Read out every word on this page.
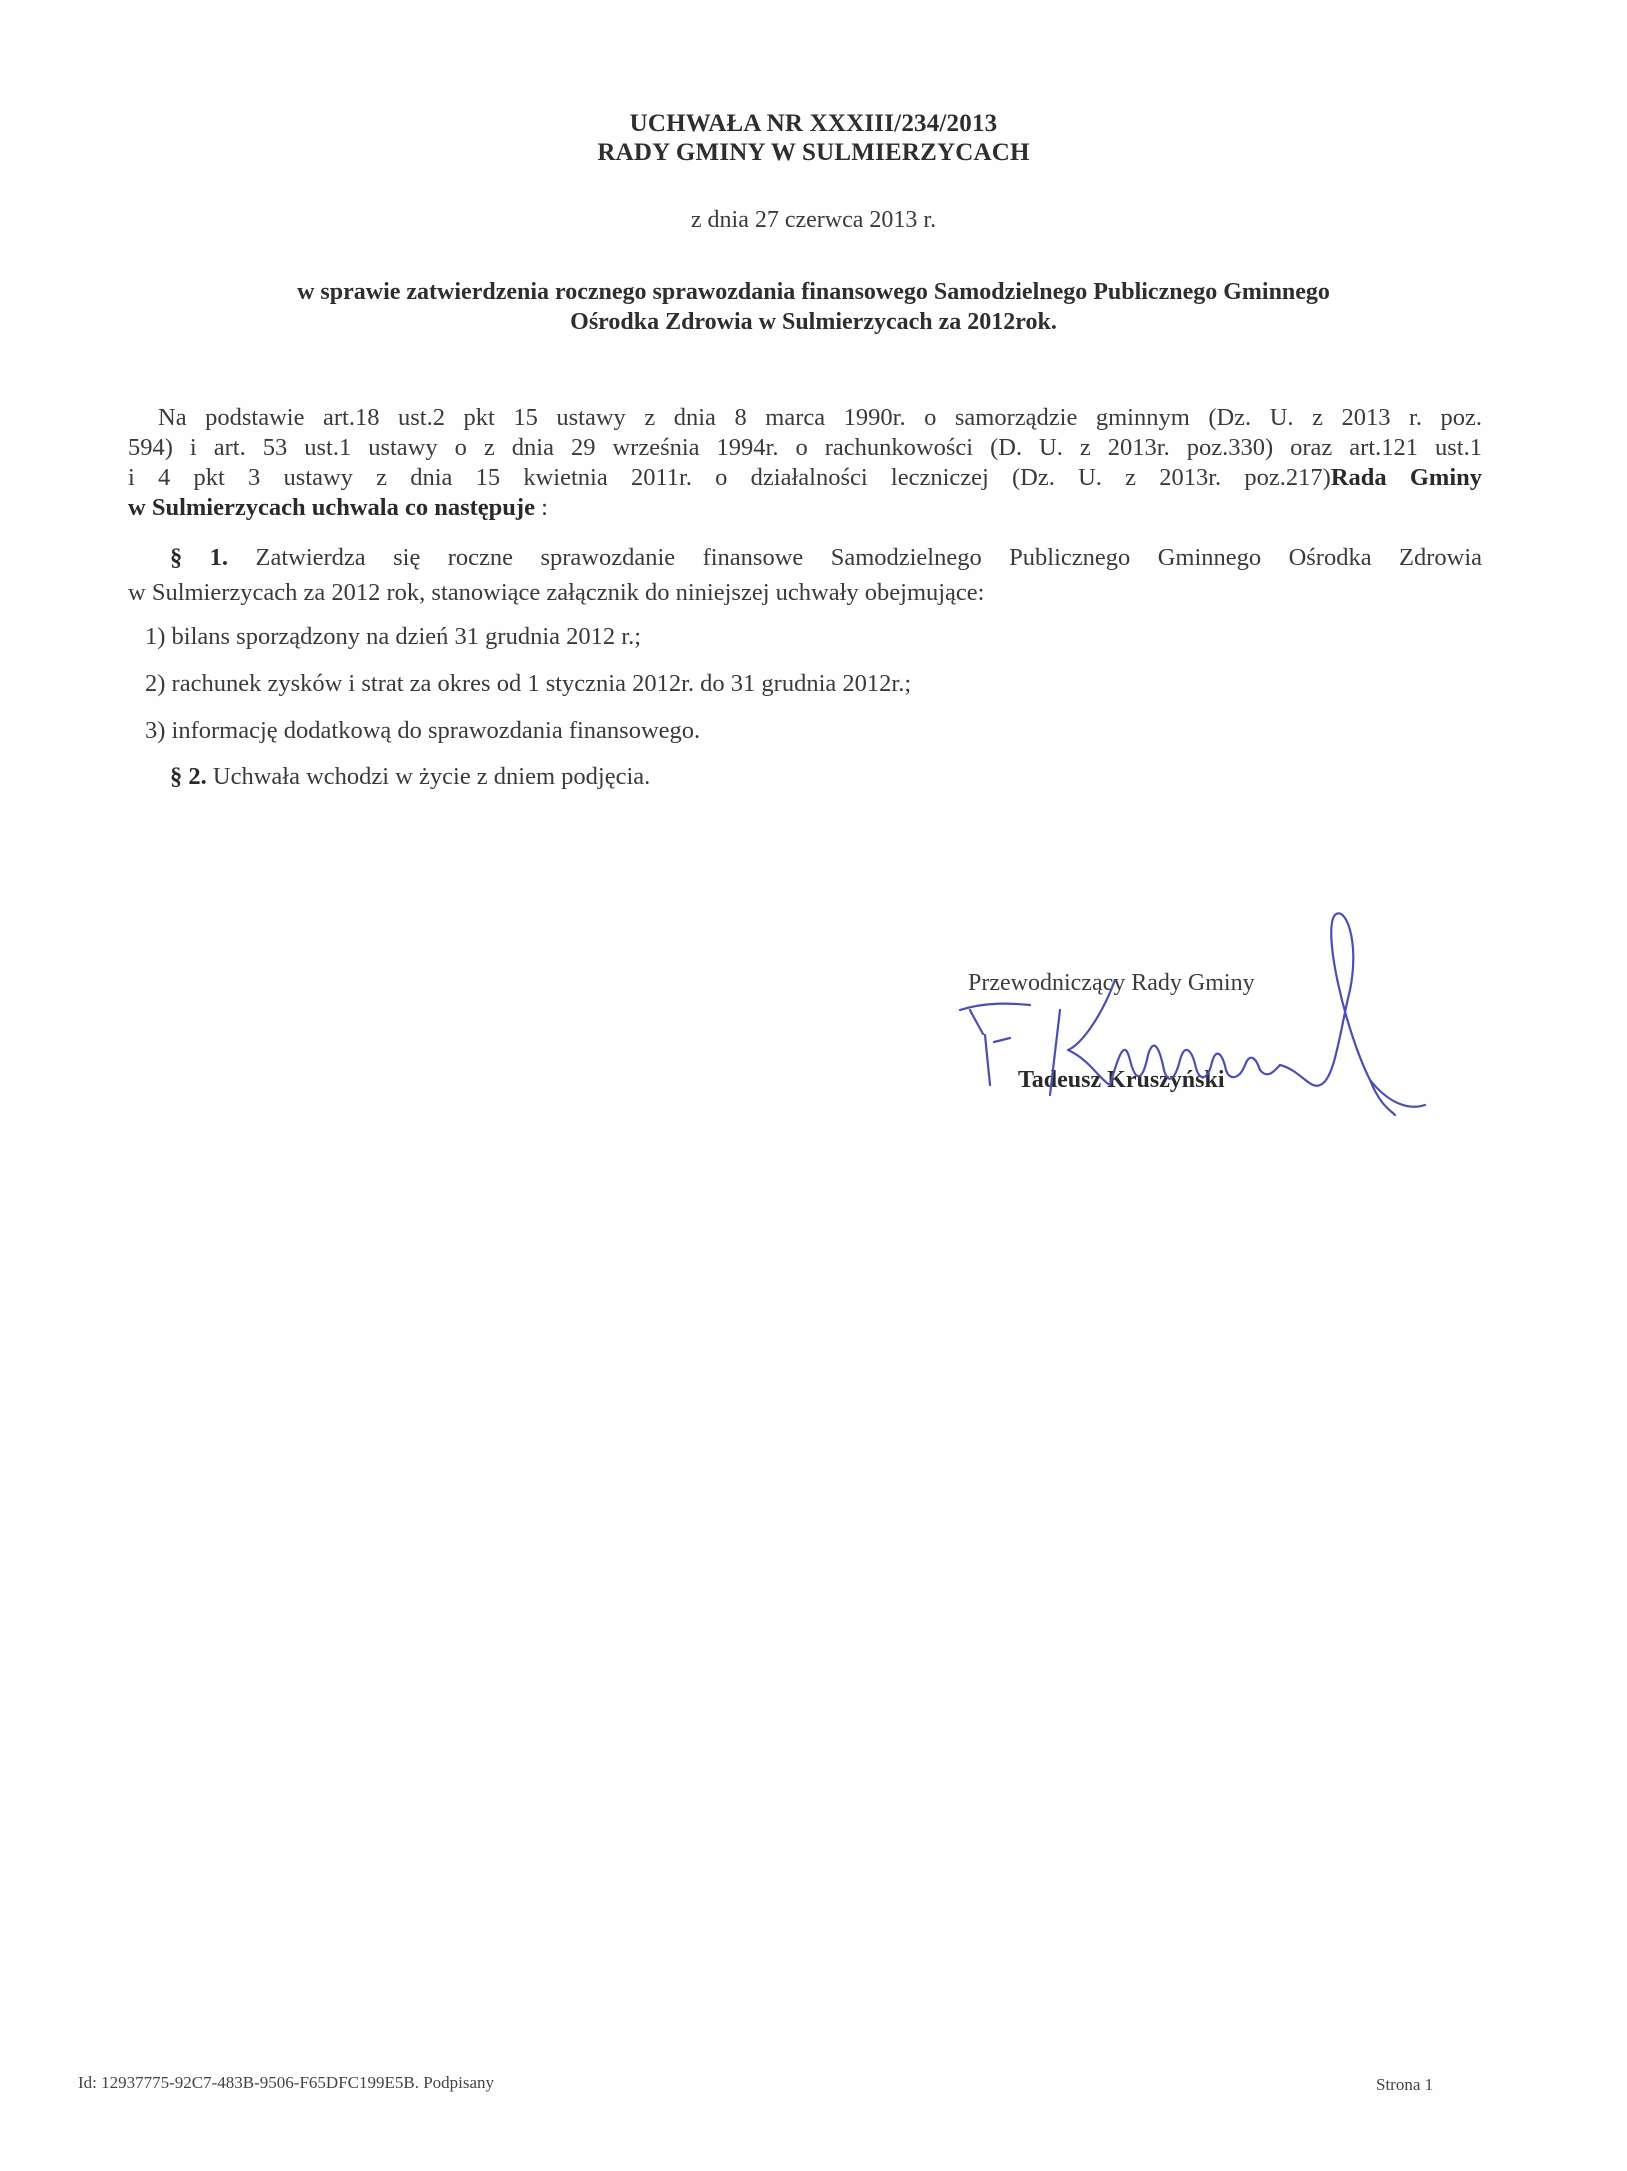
UCHWAŁA NR XXXIII/234/2013
RADY GMINY W SULMIERZYCACH
z dnia 27 czerwca 2013 r.
w sprawie zatwierdzenia rocznego sprawozdania finansowego Samodzielnego Publicznego Gminnego
Ośrodka Zdrowia w Sulmierzycach za 2012rok.
Na podstawie art.18 ust.2 pkt 15 ustawy z dnia 8 marca 1990r. o samorządzie gminnym (Dz. U. z 2013 r. poz.
594) i art. 53 ust.1 ustawy o z dnia 29 września 1994r. o rachunkowości (D. U. z 2013r. poz.330) oraz art.121 ust.1
i 4 pkt 3 ustawy z dnia 15 kwietnia 2011r. o działalności leczniczej (Dz. U. z 2013r. poz.217)Rada Gminy
w Sulmierzycach uchwala co następuje :
§ 1. Zatwierdza się roczne sprawozdanie finansowe Samodzielnego Publicznego Gminnego Ośrodka Zdrowia
w Sulmierzycach za 2012 rok, stanowiące załącznik do niniejszej uchwały obejmujące:
1) bilans sporządzony na dzień 31 grudnia 2012 r.;
2) rachunek zysków i strat za okres od 1 stycznia 2012r. do 31 grudnia 2012r.;
3) informację dodatkową do sprawozdania finansowego.
§ 2. Uchwała wchodzi w życie z dniem podjęcia.
Przewodniczący Rady Gminy
Tadeusz Kruszyński
Id: 12937775-92C7-483B-9506-F65DFC199E5B. Podpisany	Strona 1
